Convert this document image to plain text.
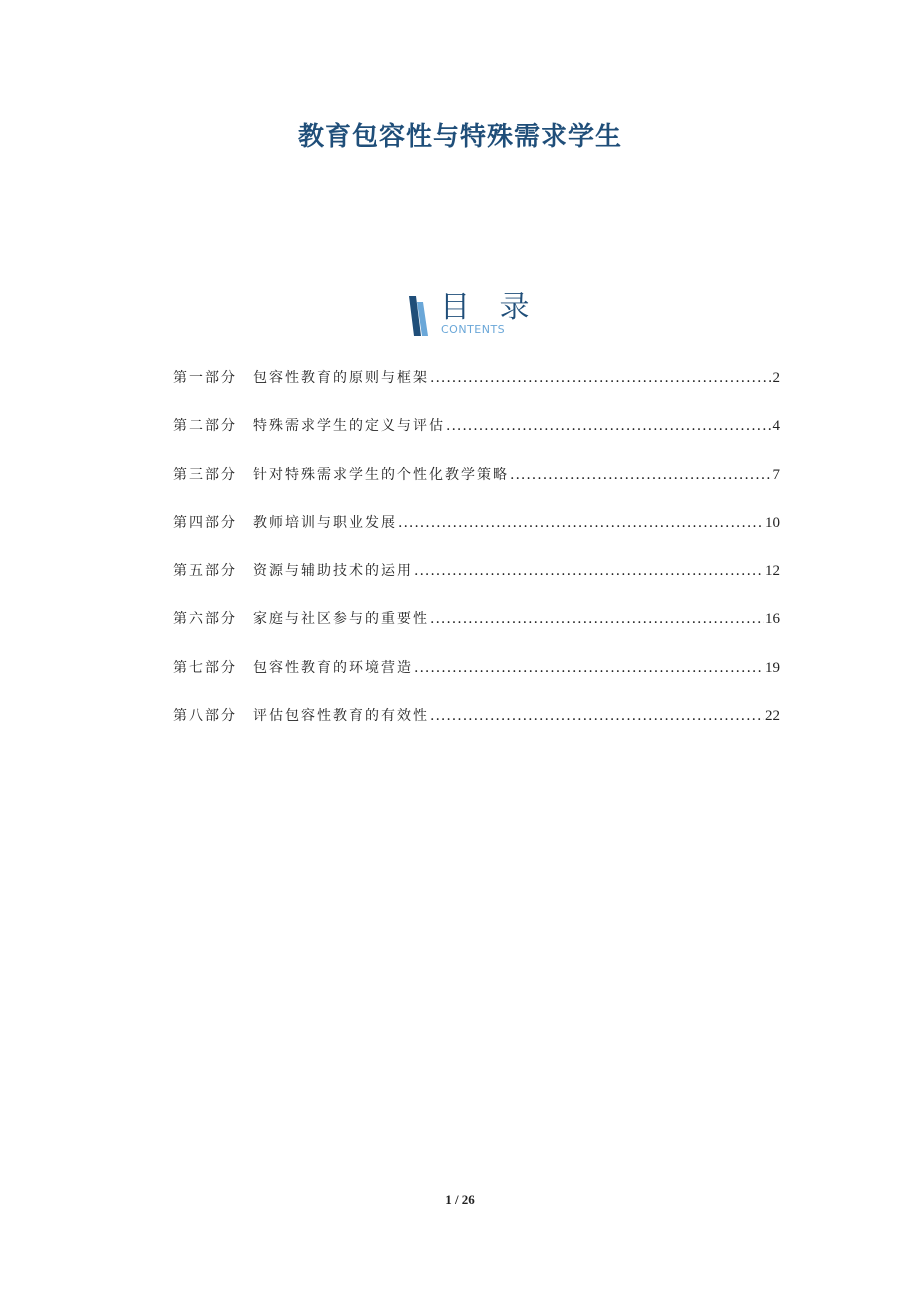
教育包容性与特殊需求学生
目 录
CONTENTS
第一部分 包容性教育的原则与框架 .....	2
第二部分 特殊需求学生的定义与评估 .....	4
第三部分 针对特殊需求学生的个性化教学策略 .....	7
第四部分 教师培训与职业发展 .....	10
第五部分 资源与辅助技术的运用 .....	12
第六部分 家庭与社区参与的重要性 .....	16
第七部分 包容性教育的环境营造 .....	19
第八部分 评估包容性教育的有效性 .....	22
1 / 26
